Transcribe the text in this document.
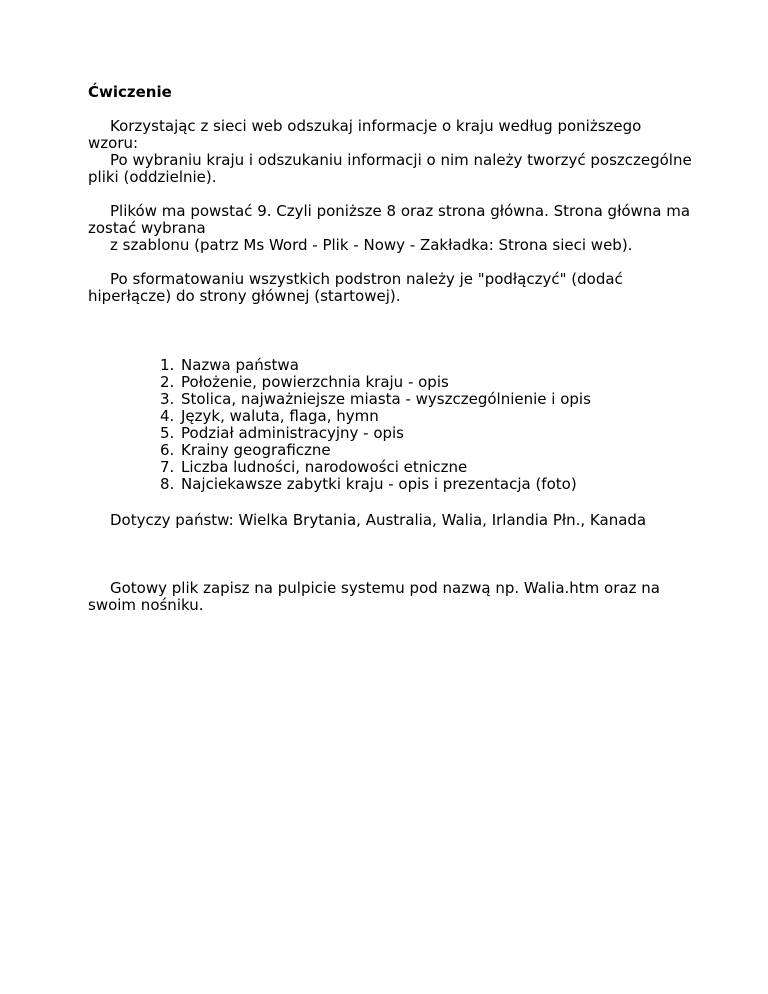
Ćwiczenie

Korzystając z sieci web odszukaj informacje o kraju według poniższego
wzoru:
Po wybraniu kraju i odszukaniu informacji o nim należy tworzyć poszczególne
pliki (oddzielnie).

Plików ma powstać 9. Czyli poniższe 8 oraz strona główna. Strona główna ma
zostać wybrana
z szablonu (patrz Ms Word - Plik - Nowy - Zakładka: Strona sieci web).

Po sformatowaniu wszystkich podstron należy je "podłączyć" (dodać
hiperłącze) do strony głównej (startowej).

1. Nazwa państwa
2. Położenie, powierzchnia kraju - opis
3. Stolica, najważniejsze miasta - wyszczególnienie i opis
4. Język, waluta, flaga, hymn
5. Podział administracyjny - opis
6. Krainy geograficzne
7. Liczba ludności, narodowości etniczne
8. Najciekawsze zabytki kraju - opis i prezentacja (foto)

Dotyczy państw: Wielka Brytania, Australia, Walia, Irlandia Płn., Kanada

Gotowy plik zapisz na pulpicie systemu pod nazwą np. Walia.htm oraz na
swoim nośniku.
